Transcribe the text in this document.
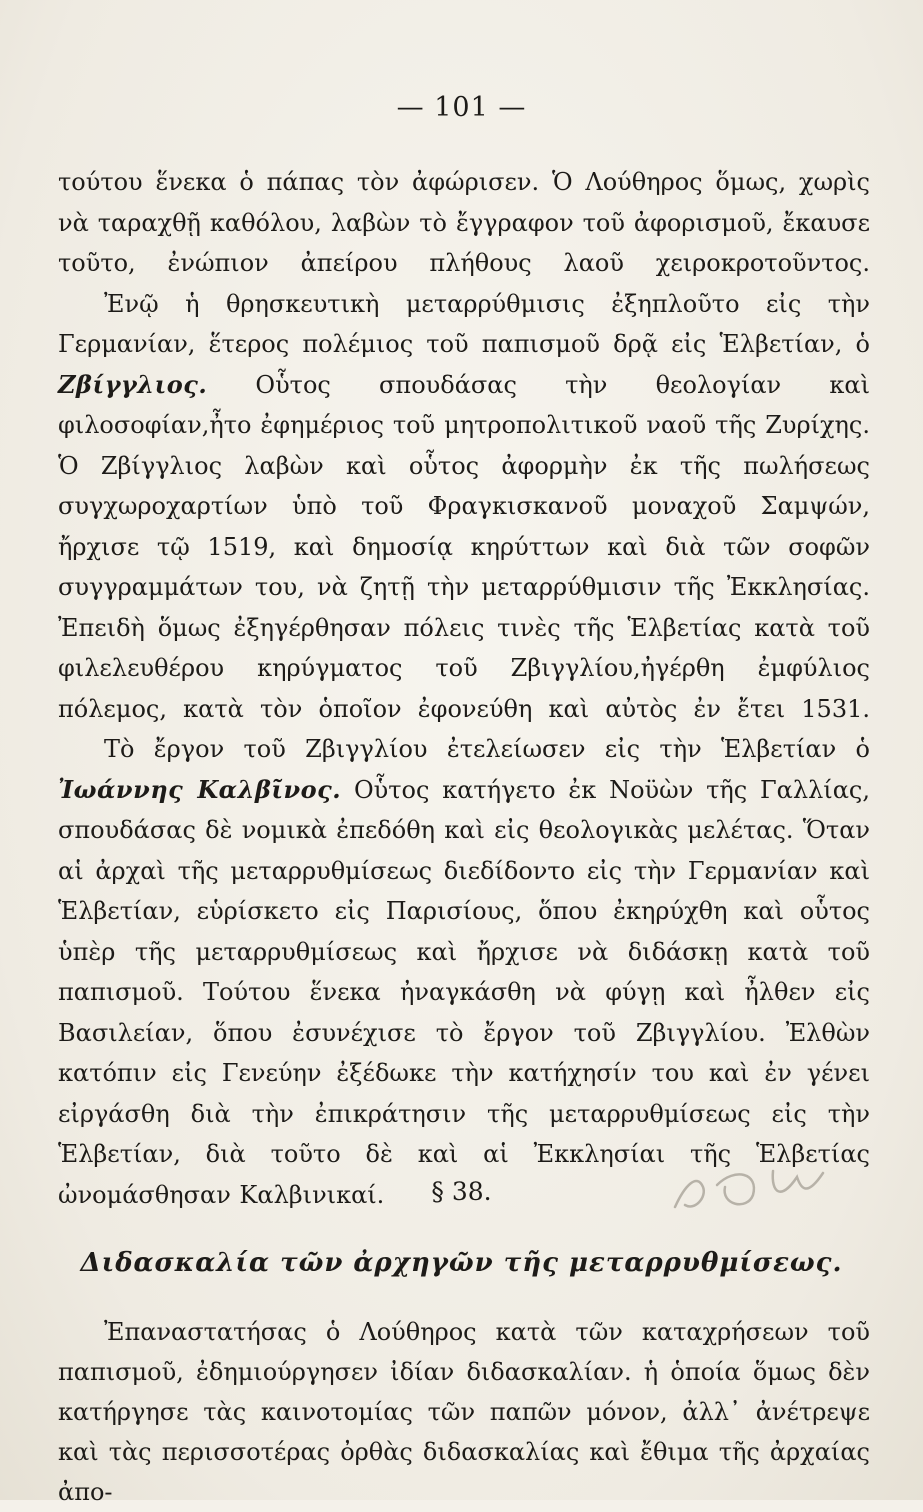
— 101 —

τούτου ἕνεκα ὁ πάπας τὸν ἀφώρισεν. Ὁ Λούθηρος ὅμως, χωρὶς νὰ ταραχθῇ καθόλου, λαβὼν τὸ ἔγγραφον τοῦ ἀφορισμοῦ, ἔκαυσε τοῦτο, ἐνώπιον ἀπείρου πλήθους λαοῦ χειροκροτοῦντος.

Ἐνῷ ἡ θρησκευτικὴ μεταρρύθμισις ἐξηπλοῦτο εἰς τὴν Γερμανίαν, ἕτερος πολέμιος τοῦ παπισμοῦ δρᾷ εἰς Ἑλβετίαν, ὁ Ζβίγγλιος. Οὗτος σπουδάσας τὴν θεολογίαν καὶ φιλοσοφίαν,ἦτο ἐφημέριος τοῦ μητροπολιτικοῦ ναοῦ τῆς Ζυρίχης. Ὁ Ζβίγγλιος λαβὼν καὶ οὗτος ἀφορμὴν ἐκ τῆς πωλήσεως συγχωροχαρτίων ὑπὸ τοῦ Φραγκισκανοῦ μοναχοῦ Σαμψών, ἤρχισε τῷ 1519, καὶ δημοσίᾳ κηρύττων καὶ διὰ τῶν σοφῶν συγγραμμάτων του, νὰ ζητῇ τὴν μεταρρύθμισιν τῆς Ἐκκλησίας. Ἐπειδὴ ὅμως ἐξηγέρθησαν πόλεις τινὲς τῆς Ἑλβετίας κατὰ τοῦ φιλελευθέρου κηρύγματος τοῦ Ζβιγγλίου,ἠγέρθη ἐμφύλιος πόλεμος, κατὰ τὸν ὁποῖον ἐφονεύθη καὶ αὐτὸς ἐν ἔτει 1531.

Τὸ ἔργον τοῦ Ζβιγγλίου ἐτελείωσεν εἰς τὴν Ἑλβετίαν ὁ Ἰωάννης Καλβῖνος. Οὗτος κατήγετο ἐκ Νοϋὼν τῆς Γαλλίας, σπουδάσας δὲ νομικὰ ἐπεδόθη καὶ εἰς θεολογικὰς μελέτας. Ὅταν αἱ ἀρχαὶ τῆς μεταρρυθμίσεως διεδίδοντο εἰς τὴν Γερμανίαν καὶ Ἑλβετίαν, εὑρίσκετο εἰς Παρισίους, ὅπου ἐκηρύχθη καὶ οὗτος ὑπὲρ τῆς μεταρρυθμίσεως καὶ ἤρχισε νὰ διδάσκῃ κατὰ τοῦ παπισμοῦ. Τούτου ἕνεκα ἠναγκάσθη νὰ φύγῃ καὶ ἦλθεν εἰς Βασιλείαν, ὅπου ἐσυνέχισε τὸ ἔργον τοῦ Ζβιγγλίου. Ἐλθὼν κατόπιν εἰς Γενεύην ἐξέδωκε τὴν κατήχησίν του καὶ ἐν γένει εἰργάσθη διὰ τὴν ἐπικράτησιν τῆς μεταρρυθμίσεως εἰς τὴν Ἑλβετίαν, διὰ τοῦτο δὲ καὶ αἱ Ἐκκλησίαι τῆς Ἑλβετίας ὠνομάσθησαν Καλβινικαί.	§ 38.
Διδασκαλία τῶν ἀρχηγῶν τῆς μεταρρυθμίσεως.

Ἐπαναστατήσας ὁ Λούθηρος κατὰ τῶν καταχρήσεων τοῦ παπισμοῦ, ἐδημιούργησεν ἰδίαν διδασκαλίαν. ἡ ὁποία ὅμως δὲν κατήργησε τὰς καινοτομίας τῶν παπῶν μόνον, ἀλλ᾽ ἀνέτρεψε καὶ τὰς περισσοτέρας ὀρθὰς διδασκαλίας καὶ ἔθιμα τῆς ἀρχαίας ἀπο-
